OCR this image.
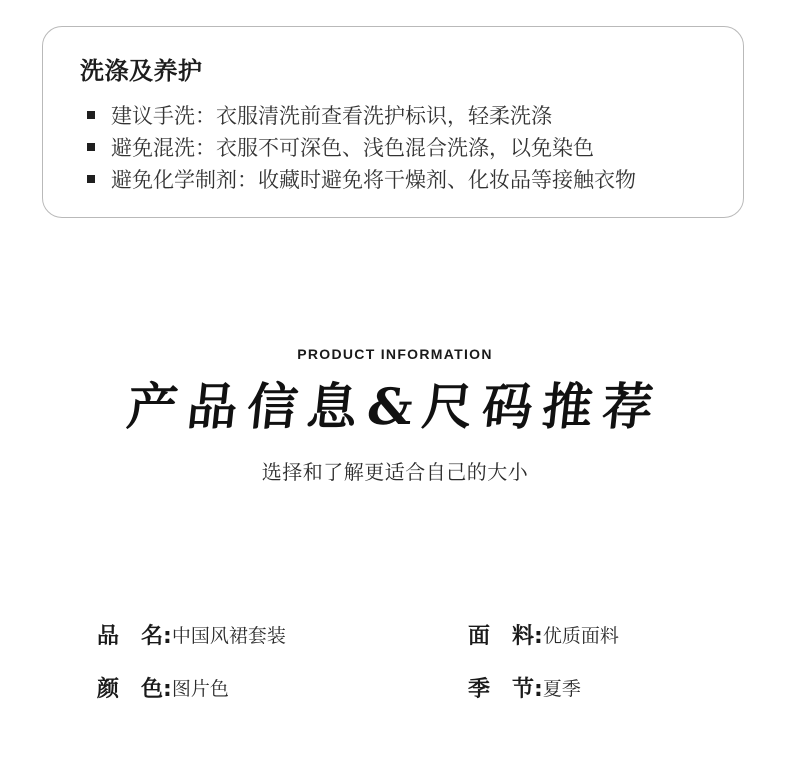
洗涤及养护
建议手洗：衣服清洗前查看洗护标识，轻柔洗涤
避免混洗：衣服不可深色、浅色混合洗涤，以免染色
避免化学制剂：收藏时避免将干燥剂、化妆品等接触衣物
PRODUCT INFORMATION
产品信息&尺码推荐
选择和了解更适合自己的大小
品　名: 中国风裙套装	面　料: 优质面料
颜　色: 图片色	季　节: 夏季
